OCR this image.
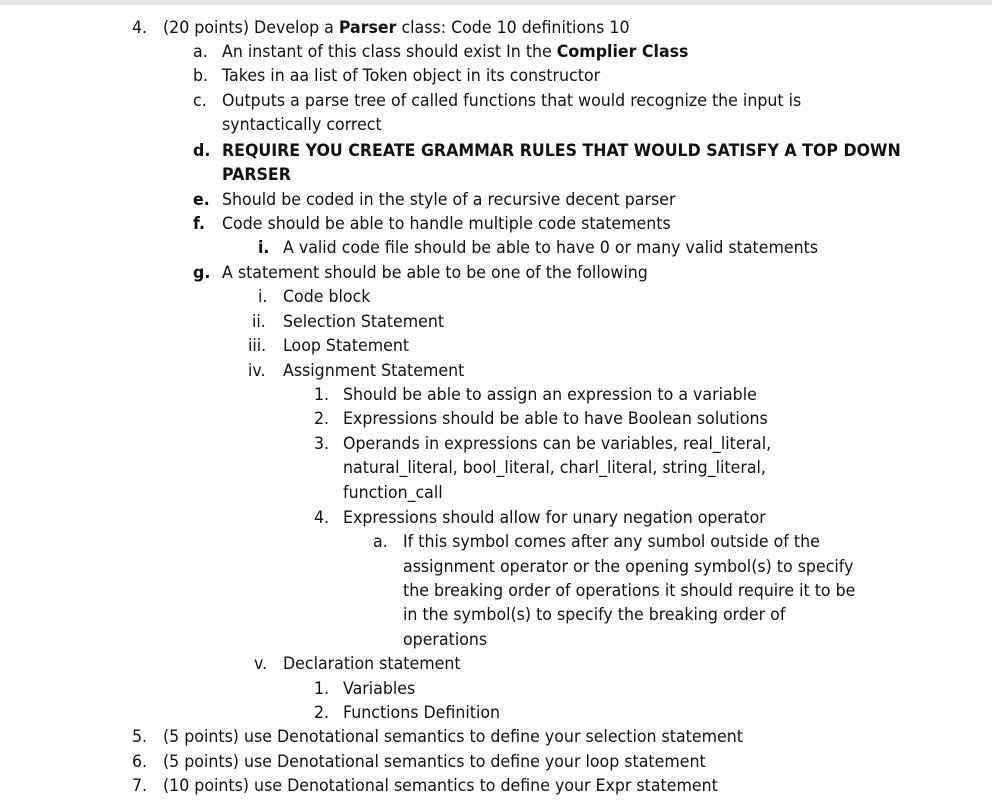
4. (20 points) Develop a Parser class: Code 10 definitions 10
a. An instant of this class should exist In the Complier Class
b. Takes in aa list of Token object in its constructor
c. Outputs a parse tree of called functions that would recognize the input is
syntactically correct
d. REQUIRE YOU CREATE GRAMMAR RULES THAT WOULD SATISFY A TOP DOWN
PARSER
e. Should be coded in the style of a recursive decent parser
f. Code should be able to handle multiple code statements
i. A valid code file should be able to have 0 or many valid statements
g. A statement should be able to be one of the following
i. Code block
ii. Selection Statement
iii. Loop Statement
iv. Assignment Statement
1. Should be able to assign an expression to a variable
2. Expressions should be able to have Boolean solutions
3. Operands in expressions can be variables, real_literal,
natural_literal, bool_literal, charl_literal, string_literal,
function_call
4. Expressions should allow for unary negation operator
a. If this symbol comes after any sumbol outside of the
assignment operator or the opening symbol(s) to specify
the breaking order of operations it should require it to be
in the symbol(s) to specify the breaking order of
operations
v. Declaration statement
1. Variables
2. Functions Definition
5. (5 points) use Denotational semantics to define your selection statement
6. (5 points) use Denotational semantics to define your loop statement
7. (10 points) use Denotational semantics to define your Expr statement
